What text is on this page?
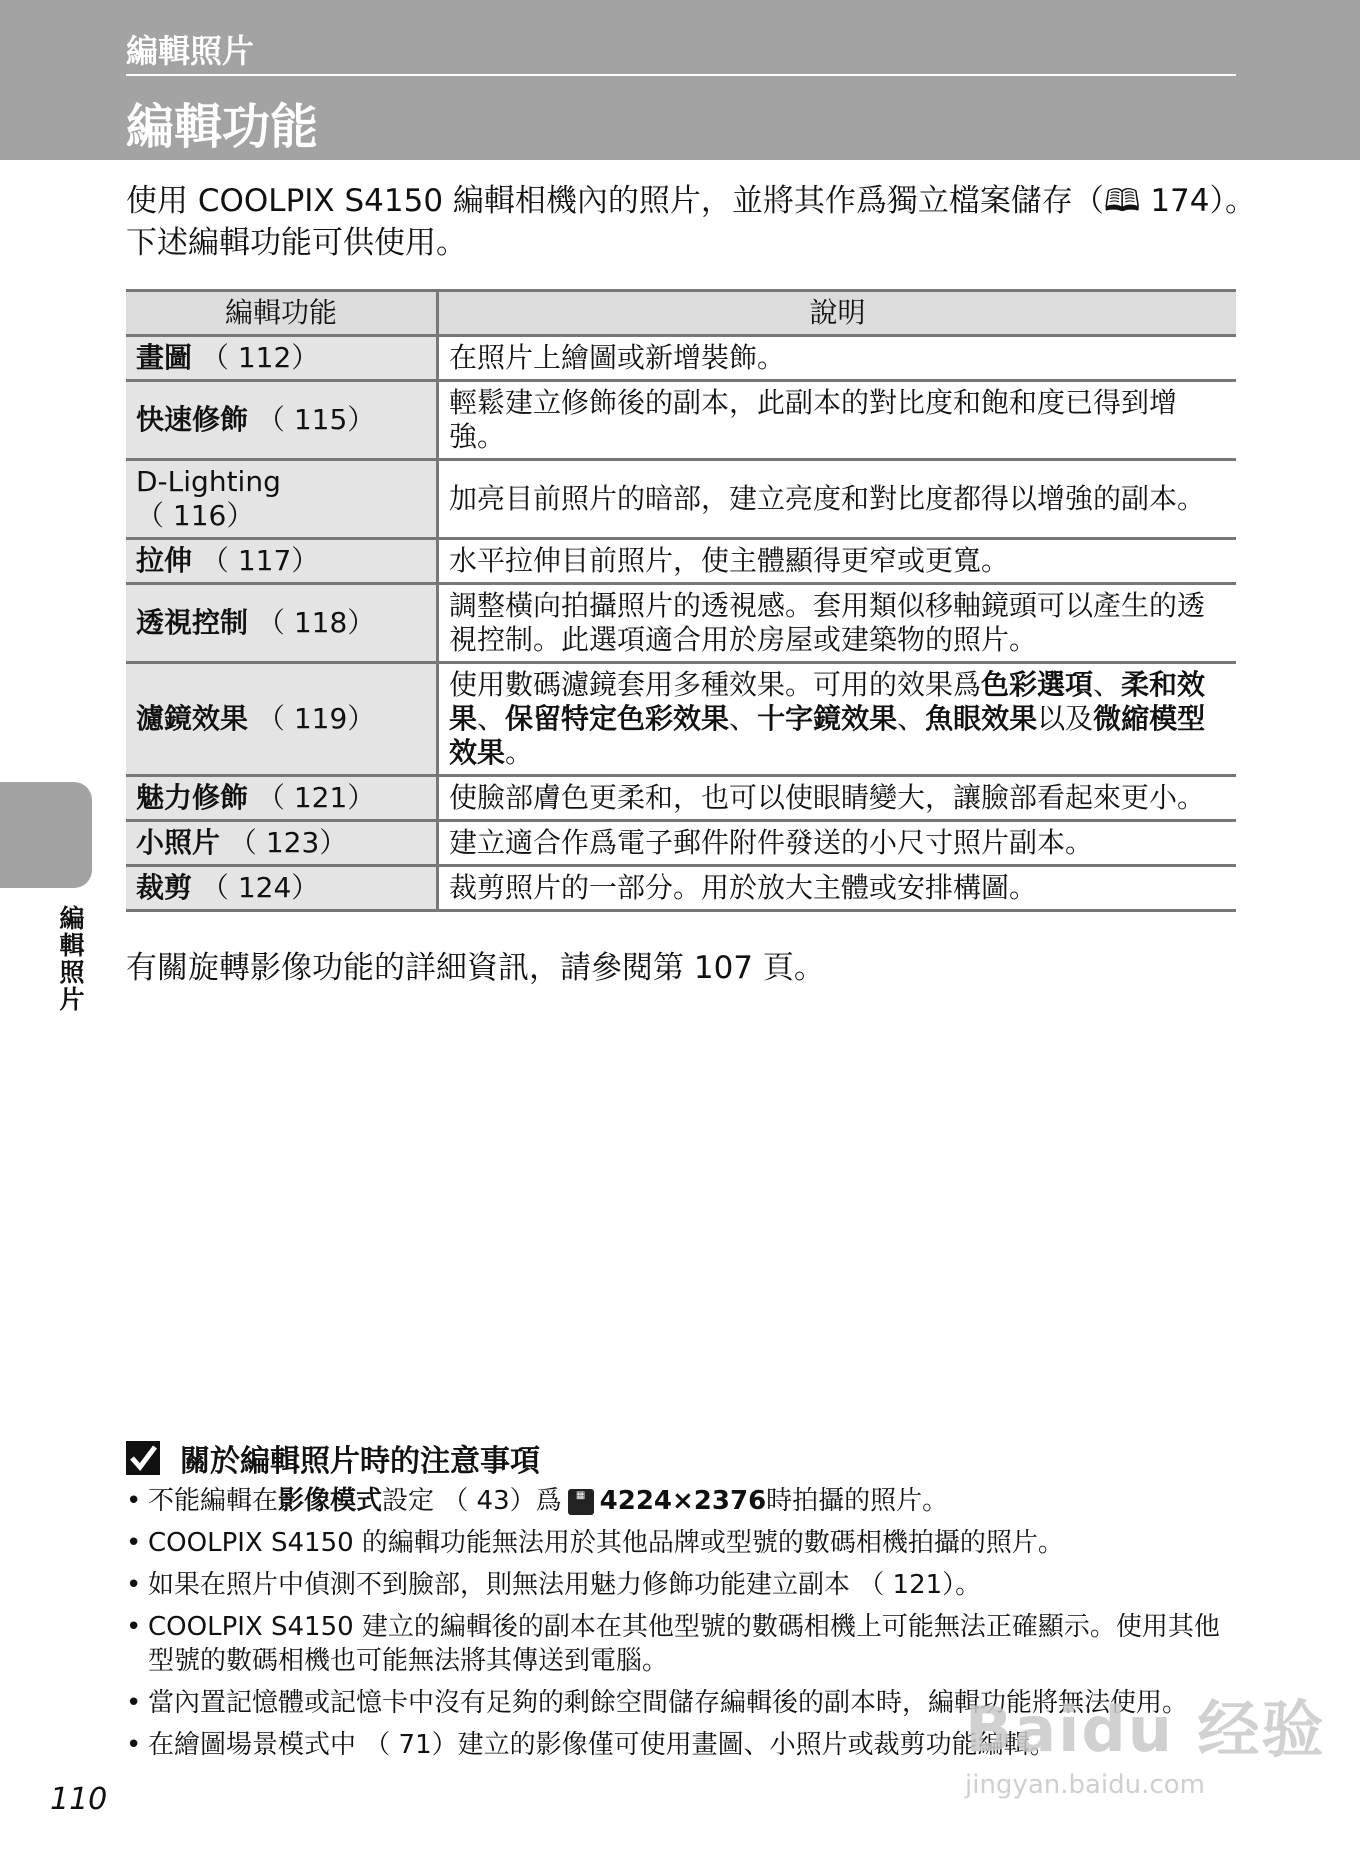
編輯照片
編輯功能
使用 COOLPIX S4150 編輯相機內的照片，並將其作爲獨立檔案儲存（🕮 174）。
下述編輯功能可供使用。
編輯功能	說明
畫圖 （ 112）	在照片上繪圖或新增裝飾。
快速修飾 （ 115）	輕鬆建立修飾後的副本，此副本的對比度和飽和度已得到增強。
D-Lighting
（ 116）	加亮目前照片的暗部，建立亮度和對比度都得以增強的副本。
拉伸 （ 117）	水平拉伸目前照片，使主體顯得更窄或更寬。
透視控制 （ 118）	調整橫向拍攝照片的透視感。套用類似移軸鏡頭可以產生的透視控制。此選項適合用於房屋或建築物的照片。
濾鏡效果 （ 119）	使用數碼濾鏡套用多種效果。可用的效果爲色彩選項、柔和效果、保留特定色彩效果、十字鏡效果、魚眼效果以及微縮模型效果。
魅力修飾 （ 121）	使臉部膚色更柔和，也可以使眼睛變大，讓臉部看起來更小。
小照片 （ 123）	建立適合作爲電子郵件附件發送的小尺寸照片副本。
裁剪 （ 124）	裁剪照片的一部分。用於放大主體或安排構圖。
有關旋轉影像功能的詳細資訊，請參閱第 107 頁。
編輯照片
關於編輯照片時的注意事項
• 不能編輯在影像模式設定 （ 43）爲 ▦ 4224×2376時拍攝的照片。
• COOLPIX S4150 的編輯功能無法用於其他品牌或型號的數碼相機拍攝的照片。
• 如果在照片中偵測不到臉部，則無法用魅力修飾功能建立副本 （ 121）。
• COOLPIX S4150 建立的編輯後的副本在其他型號的數碼相機上可能無法正確顯示。使用其他型號的數碼相機也可能無法將其傳送到電腦。
• 當內置記憶體或記憶卡中沒有足夠的剩餘空間儲存編輯後的副本時，編輯功能將無法使用。
• 在繪圖場景模式中 （ 71）建立的影像僅可使用畫圖、小照片或裁剪功能編輯。
110
Baidu 经验
jingyan.baidu.com
